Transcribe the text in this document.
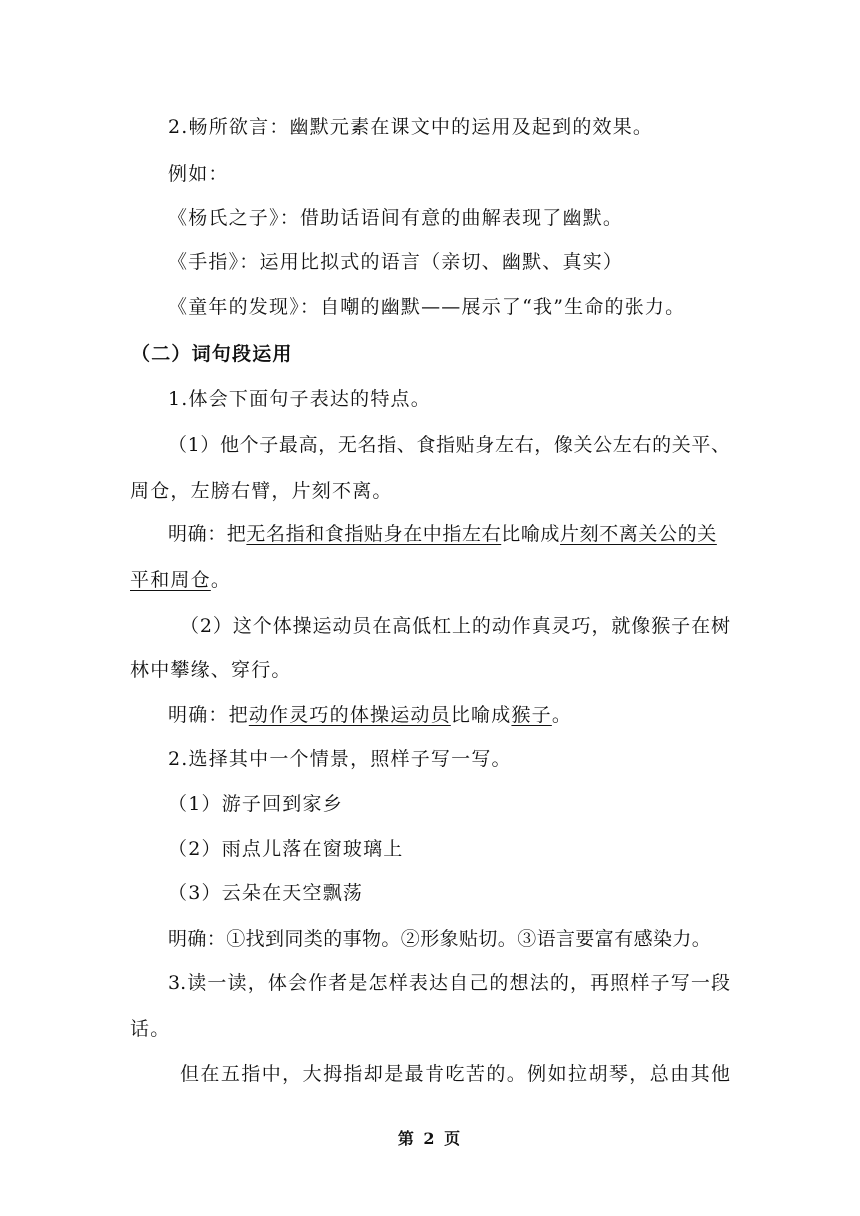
2.畅所欲言：幽默元素在课文中的运用及起到的效果。
例如：
《杨氏之子》：借助话语间有意的曲解表现了幽默。
《手指》：运用比拟式的语言（亲切、幽默、真实）
《童年的发现》：自嘲的幽默——展示了“我”生命的张力。
（二）词句段运用
1.体会下面句子表达的特点。
（1）他个子最高，无名指、食指贴身左右，像关公左右的关平、
周仓，左膀右臂，片刻不离。
明确：把无名指和食指贴身在中指左右比喻成片刻不离关公的关
平和周仓。
（2）这个体操运动员在高低杠上的动作真灵巧，就像猴子在树
林中攀缘、穿行。
明确：把动作灵巧的体操运动员比喻成猴子。
2.选择其中一个情景，照样子写一写。
（1）游子回到家乡
（2）雨点儿落在窗玻璃上
（3）云朵在天空飘荡
明确：①找到同类的事物。②形象贴切。③语言要富有感染力。
3.读一读，体会作者是怎样表达自己的想法的，再照样子写一段
话。
但在五指中，大拇指却是最肯吃苦的。例如拉胡琴，总由其他
第 2 页
